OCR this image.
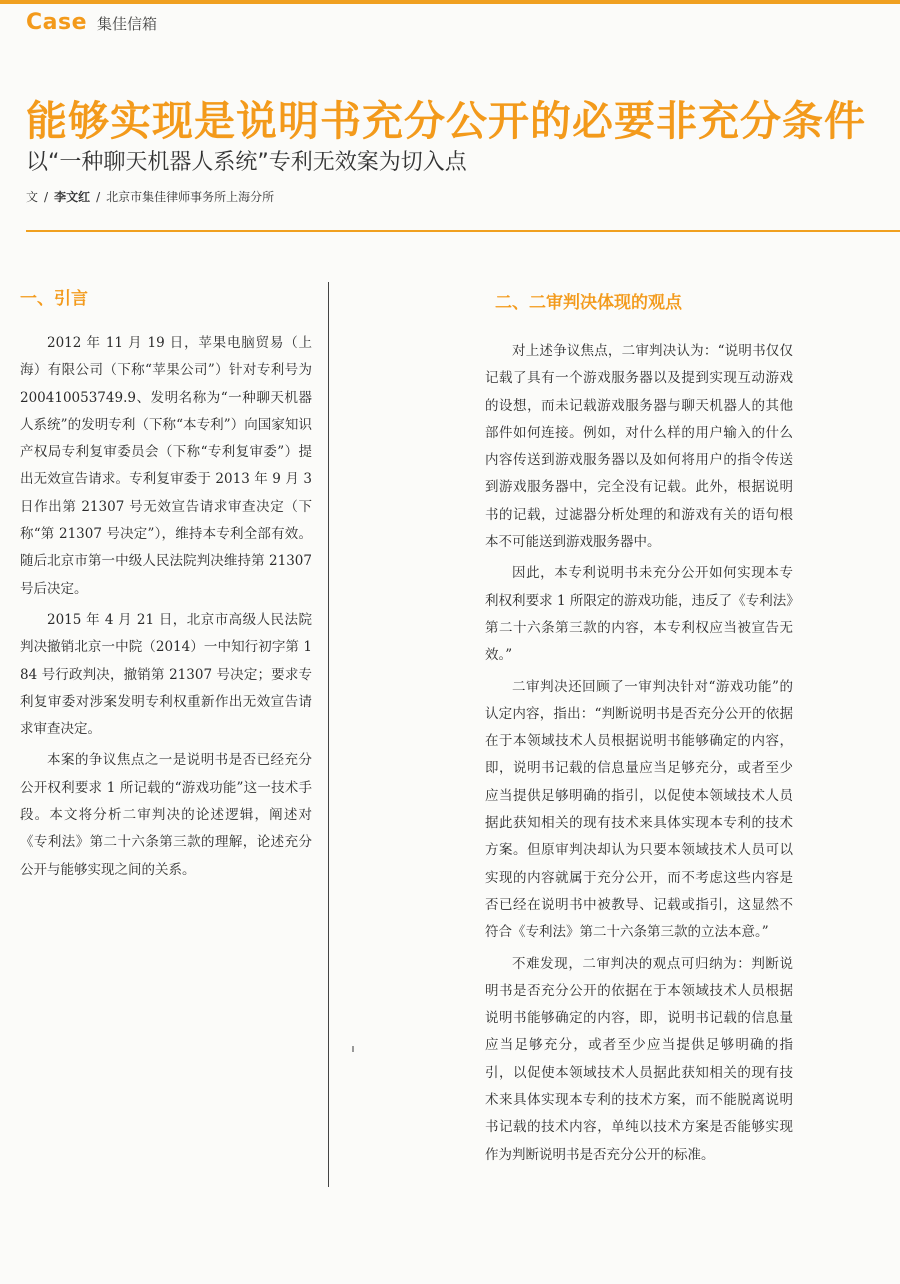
Case 集佳信箱
能够实现是说明书充分公开的必要非充分条件
以“一种聊天机器人系统”专利无效案为切入点
文 / 李文红 / 北京市集佳律师事务所上海分所
一、引言

2012 年 11 月 19 日，苹果电脑贸易（上海）有限公司（下称“苹果公司”）针对专利号为 200410053749.9、发明名称为“一种聊天机器人系统”的发明专利（下称“本专利”）向国家知识产权局专利复审委员会（下称“专利复审委”）提出无效宣告请求。专利复审委于 2013 年 9 月 3 日作出第 21307 号无效宣告请求审查决定（下称“第 21307 号决定”），维持本专利全部有效。随后北京市第一中级人民法院判决维持第 21307 号后决定。

2015 年 4 月 21 日，北京市高级人民法院判决撤销北京一中院（2014）一中知行初字第 184 号行政判决，撤销第 21307 号决定；要求专利复审委对涉案发明专利权重新作出无效宣告请求审查决定。

本案的争议焦点之一是说明书是否已经充分公开权利要求 1 所记载的“游戏功能”这一技术手段。本文将分析二审判决的论述逻辑，阐述对《专利法》第二十六条第三款的理解，论述充分公开与能够实现之间的关系。

二、二审判决体现的观点

对上述争议焦点，二审判决认为：“说明书仅仅记载了具有一个游戏服务器以及提到实现互动游戏的设想，而未记载游戏服务器与聊天机器人的其他部件如何连接。例如，对什么样的用户输入的什么内容传送到游戏服务器以及如何将用户的指令传送到游戏服务器中，完全没有记载。此外，根据说明书的记载，过滤器分析处理的和游戏有关的语句根本不可能送到游戏服务器中。

因此，本专利说明书未充分公开如何实现本专利权利要求 1 所限定的游戏功能，违反了《专利法》第二十六条第三款的内容，本专利权应当被宣告无效。”

二审判决还回顾了一审判决针对“游戏功能”的认定内容，指出：“判断说明书是否充分公开的依据在于本领域技术人员根据说明书能够确定的内容，即，说明书记载的信息量应当足够充分，或者至少应当提供足够明确的指引，以促使本领域技术人员据此获知相关的现有技术来具体实现本专利的技术方案。但原审判决却认为只要本领域技术人员可以实现的内容就属于充分公开，而不考虑这些内容是否已经在说明书中被教导、记载或指引，这显然不符合《专利法》第二十六条第三款的立法本意。”

不难发现，二审判决的观点可归纳为：判断说明书是否充分公开的依据在于本领域技术人员根据说明书能够确定的内容，即，说明书记载的信息量应当足够充分，或者至少应当提供足够明确的指引，以促使本领域技术人员据此获知相关的现有技术来具体实现本专利的技术方案，而不能脱离说明书记载的技术内容，单纯以技术方案是否能够实现作为判断说明书是否充分公开的标准。
